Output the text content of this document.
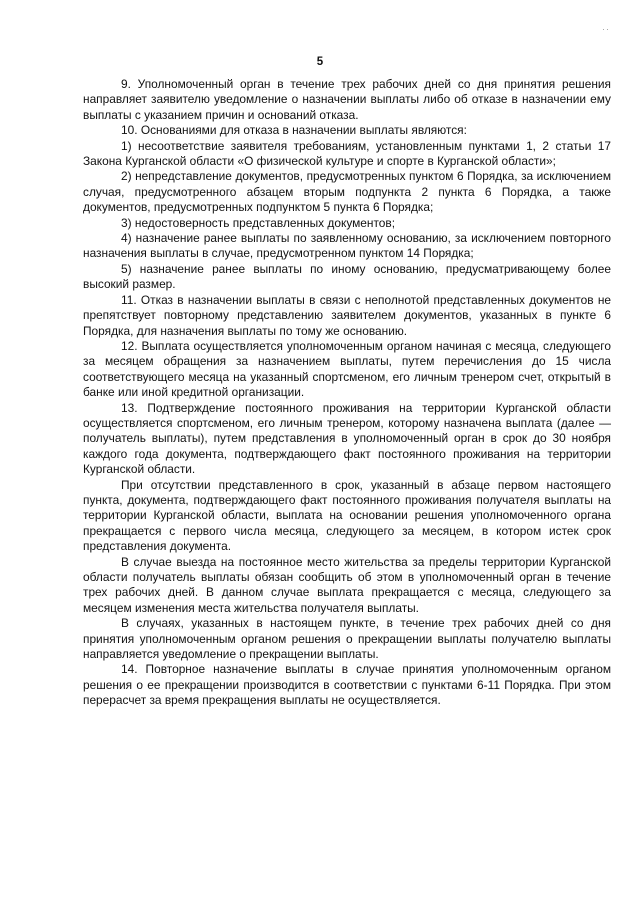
··
5

9. Уполномоченный орган в течение трех рабочих дней со дня принятия решения направляет заявителю уведомление о назначении выплаты либо об отказе в назначении ему выплаты с указанием причин и оснований отказа.

10. Основаниями для отказа в назначении выплаты являются:

1) несоответствие заявителя требованиям, установленным пунктами 1, 2 статьи 17 Закона Курганской области «О физической культуре и спорте в Курганской области»;

2) непредставление документов, предусмотренных пунктом 6 Порядка, за исключением случая, предусмотренного абзацем вторым подпункта 2 пункта 6 Порядка, а также документов, предусмотренных подпунктом 5 пункта 6 Порядка;

3) недостоверность представленных документов;

4) назначение ранее выплаты по заявленному основанию, за исключением повторного назначения выплаты в случае, предусмотренном пунктом 14 Порядка;

5) назначение ранее выплаты по иному основанию, предусматривающему более высокий размер.

11. Отказ в назначении выплаты в связи с неполнотой представленных документов не препятствует повторному представлению заявителем документов, указанных в пункте 6 Порядка, для назначения выплаты по тому же основанию.

12. Выплата осуществляется уполномоченным органом начиная с месяца, следующего за месяцем обращения за назначением выплаты, путем перечисления до 15 числа соответствующего месяца на указанный спортсменом, его личным тренером счет, открытый в банке или иной кредитной организации.

13. Подтверждение постоянного проживания на территории Курганской области осуществляется спортсменом, его личным тренером, которому назначена выплата (далее — получатель выплаты), путем представления в уполномоченный орган в срок до 30 ноября каждого года документа, подтверждающего факт постоянного проживания на территории Курганской области.

При отсутствии представленного в срок, указанный в абзаце первом настоящего пункта, документа, подтверждающего факт постоянного проживания получателя выплаты на территории Курганской области, выплата на основании решения уполномоченного органа прекращается с первого числа месяца, следующего за месяцем, в котором истек срок представления документа.

В случае выезда на постоянное место жительства за пределы территории Курганской области получатель выплаты обязан сообщить об этом в уполномоченный орган в течение трех рабочих дней. В данном случае выплата прекращается с месяца, следующего за месяцем изменения места жительства получателя выплаты.

В случаях, указанных в настоящем пункте, в течение трех рабочих дней со дня принятия уполномоченным органом решения о прекращении выплаты получателю выплаты направляется уведомление о прекращении выплаты.

14. Повторное назначение выплаты в случае принятия уполномоченным органом решения о ее прекращении производится в соответствии с пунктами 6-11 Порядка. При этом перерасчет за время прекращения выплаты не осуществляется.
